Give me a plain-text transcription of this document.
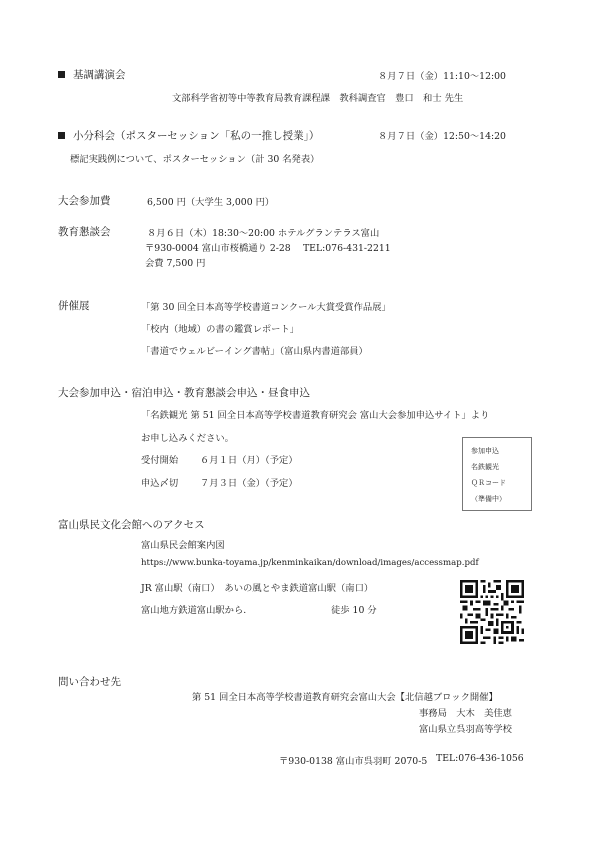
基調講演会	８月７日（金）11:10～12:00
文部科学省初等中等教育局教育課程課　教科調査官　豊口　和士 先生
小分科会（ポスターセッション「私の一推し授業」）	８月７日（金）12:50～14:20
標記実践例について、ポスターセッション（計 30 名発表）
大会参加費	6,500 円（大学生 3,000 円）
教育懇談会	８月６日（木）18:30～20:00 ホテルグランテラス富山
〒930-0004 富山市桜橋通り 2-28　 TEL:076-431-2211
会費 7,500 円
併催展	「第 30 回全日本高等学校書道コンクール大賞受賞作品展」
「校内（地域）の書の鑑賞レポート」
「書道でウェルビーイング書帖」（富山県内書道部員）
大会参加申込・宿泊申込・教育懇談会申込・昼食申込
「名鉄観光 第 51 回全日本高等学校書道教育研究会 富山大会参加申込サイト」より
お申し込みください。
受付開始 ６月１日（月）（予定）
申込〆切 ７月３日（金）（予定）
参加申込
名鉄観光
ＱＲコード
（準備中）
富山県民文化会館へのアクセス
富山県民会館案内図
https://www.bunka-toyama.jp/kenminkaikan/download/images/accessmap.pdf
JR 富山駅（南口）　あいの風とやま鉄道富山駅（南口）
富山地方鉄道富山駅から.	徒歩 10 分
問い合わせ先
第 51 回全日本高等学校書道教育研究会富山大会【北信越ブロック開催】
事務局　大木　美佳恵
富山県立呉羽高等学校
〒930-0138 富山市呉羽町 2070-5 TEL:076-436-1056
